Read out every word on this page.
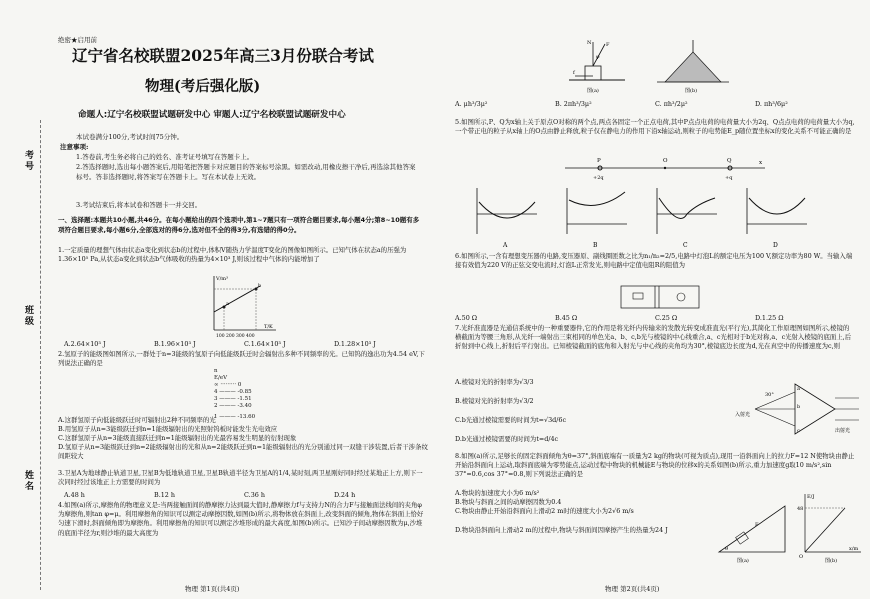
绝密★启用前
辽宁省名校联盟2025年高三3月份联合考试
物理(考后强化版)
命题人:辽宁名校联盟试题研发中心 审题人:辽宁名校联盟试题研发中心
本试卷满分100分,考试时间75分钟。
注意事项:
1.答卷前,考生务必将自己的姓名、准考证号填写在答题卡上。
2.答选择题时,选出每小题答案后,用铅笔把答题卡对应题目的答案标号涂黑。如需改动,用橡皮擦干净后,再选涂其他答案标号。答非选择题时,将答案写在答题卡上。写在本试卷上无效。
3.考试结束后,将本试卷和答题卡一并交回。
考号
班级
姓名
一、选择题:本题共10小题,共46分。在每小题给出的四个选项中,第1~7题只有一项符合题目要求,每小题4分;第8~10题有多项符合题目要求,每小题6分,全部选对的得6分,选对但不全的得3分,有选错的得0分。
1.一定质量的理想气体由状态a变化到状态b的过程中,体积V随热力学温度T变化的图像如图所示。已知气体在状态a的压强为1.36×10⁵ Pa,从状态a变化到状态b气体吸收的热量为4×10³ J,则该过程中气体的内能增加了
V/m³
T/K
100 200 300 400
a
b
A.2.64×10³ J	B.1.96×10³ J	C.1.64×10³ J	D.1.28×10³ J
2.氢原子的能级图如图所示,一群处于n=3能级的氢原子向低能级跃迁时会辐射出多种不同频率的光。已知钨的逸出功为4.54 eV,下列说法正确的是
n
E/eV
∞ ········· 0
4 ——— -0.85
3 ——— -1.51
2 ——— -3.40
1 ——— -13.60
A.这群氢原子向低能级跃迁时可辐射出2种不同频率的光
B.用氢原子从n=3能级跃迁到n=1能级辐射出的光照射钨板时能发生光电效应
C.这群氢原子从n=3能级直接跃迁到n=1能级辐射出的光最容易发生明显的衍射现象
D.氢原子从n=3能级跃迁到n=2能级辐射出的光和从n=2能级跃迁到n=1能级辐射出的光分别通过同一双缝干涉装置,后者干涉条纹间距较大
3.卫星A为地球静止轨道卫星,卫星B为低地轨道卫星,卫星B轨道半径为卫星A的1/4,某时刻,两卫星刚好同时经过某地正上方,则下一次同时经过该地正上方需要的时间为
A.48 h	B.12 h	C.36 h	D.24 h
4.如图(a)所示,摩擦角的物理意义是:当两接触面间的静摩擦力达到最大值时,静摩擦力f与支持力N的合力F与接触面法线间的夹角φ为摩擦角,则tan φ=μ。利用摩擦角的知识可以测定动摩擦因数,如图(b)所示,将物体放在斜面上,改变斜面的倾角,物体在斜面上恰好匀速下滑时,斜面倾角即为摩擦角。利用摩擦角的知识可以测定沙堆形成的最大高度,如图(b)所示。已知沙子间动摩擦因数为μ,沙堆的底面半径为r,则沙堆的最大高度为
物理 第1页(共4页)
N	F
f
φ
图(a)	图(b)
A. μh³/3μ²	B. 2πh³/3μ²	C. πh³/2μ²	D. πh³/6μ²
5.如图所示,P、Q为x轴上关于原点O对称的两个点,两点各固定一个正点电荷,其中P点点电荷的电荷量大小为2q、Q点点电荷的电荷量大小为q,一个带正电的粒子从x轴上的O点由静止释放,粒子仅在静电力的作用下沿x轴运动,则粒子的电势能E_p随位置坐标x的变化关系不可能正确的是
P	O	Q	x
+2q	+q
A	B	C	D
6.如图所示,一含有理想变压器的电路,变压器原、副线圈匝数之比为n₁/n₂=2/5,电路中灯泡L的额定电压为100 V,额定功率为80 W。当输入端接有效值为220 V的正弦交变电流时,灯泡L正常发光,则电路中定值电阻R的阻值为
A.50 Ω	B.45 Ω	C.25 Ω	D.1.25 Ω
7.光纤准直器是光通信系统中的一种重要器件,它的作用是将光纤内传输来的发散光转变成准直光(平行光),其简化工作原理图如图所示,棱镜的横截面为等腰三角形,从光纤一端射出三束相同的单色光a、b、c,b光与棱镜的中心线重合,a、c光相对于b光对称,a、c光射入棱镜的底面上,后折射到中心线上,折射后平行射出。已知棱镜截面的底角和入射光与中心线的夹角均为30°,棱镜底边长度为d,光在真空中的传播速度为c,则
A.棱镜对光的折射率为√3/3
B.棱镜对光的折射率为√3/2
C.b光通过棱镜需要的时间为t=√3d/6c
D.b光通过棱镜需要的时间为t=d/4c
30°
a
b
c
入射光
出射光
8.如图(a)所示,足够长的固定斜面倾角为θ=37°,斜面底端有一质量为2 kg的物块(可视为质点),现用一沿斜面向上的拉力F=12 N使物块由静止开始沿斜面向上运动,取斜面底端为零势能点,运动过程中物块的机械能E与物块的位移x的关系如图(b)所示,重力加速度g取10 m/s²,sin 37°=0.6,cos 37°=0.8,则下列说法正确的是
A.物块的加速度大小为6 m/s²
B.物块与斜面之间的动摩擦因数为0.4
C.物块由静止开始沿斜面向上滑动2 m时的速度大小为2√6 m/s
D.物块沿斜面向上滑动2 m的过程中,物块与斜面间因摩擦产生的热量为24 J
F
θ
图(a)
E/J
48
O
x/m
图(b)
物理 第2页(共4页)
